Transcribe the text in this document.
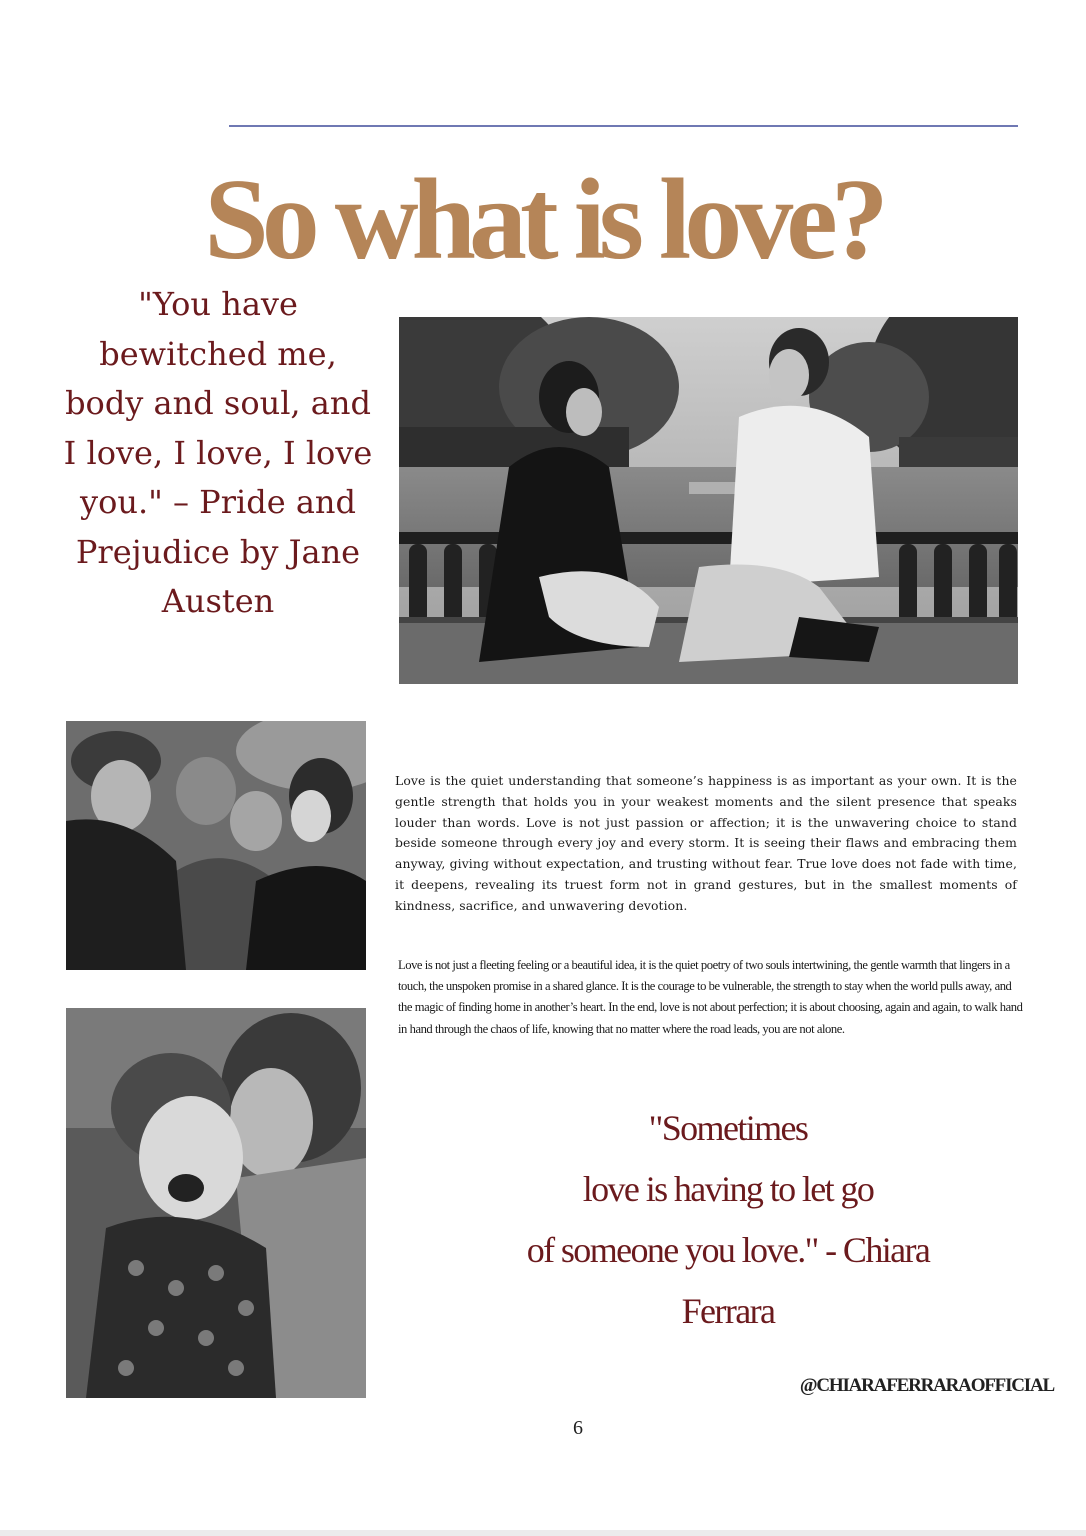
So what is love?
"You have bewitched me, body and soul, and I love, I love, I love you." – Pride and Prejudice by Jane Austen
Love is the quiet understanding that someone’s happiness is as important as your own. It is the gentle strength that holds you in your weakest moments and the silent presence that speaks louder than words. Love is not just passion or affection; it is the unwavering choice to stand beside someone through every joy and every storm. It is seeing their flaws and embracing them anyway, giving without expectation, and trusting without fear. True love does not fade with time, it deepens, revealing its truest form not in grand gestures, but in the smallest moments of kindness, sacrifice, and unwavering devotion.
Love is not just a fleeting feeling or a beautiful idea, it is the quiet poetry of two souls intertwining, the gentle warmth that lingers in a touch, the unspoken promise in a shared glance. It is the courage to be vulnerable, the strength to stay when the world pulls away, and the magic of finding home in another’s heart. In the end, love is not about perfection; it is about choosing, again and again, to walk hand in hand through the chaos of life, knowing that no matter where the road leads, you are not alone.
"Sometimes
love is having to let go
of someone you love." - Chiara
Ferrara
@CHIARAFERRARAOFFICIAL
6
